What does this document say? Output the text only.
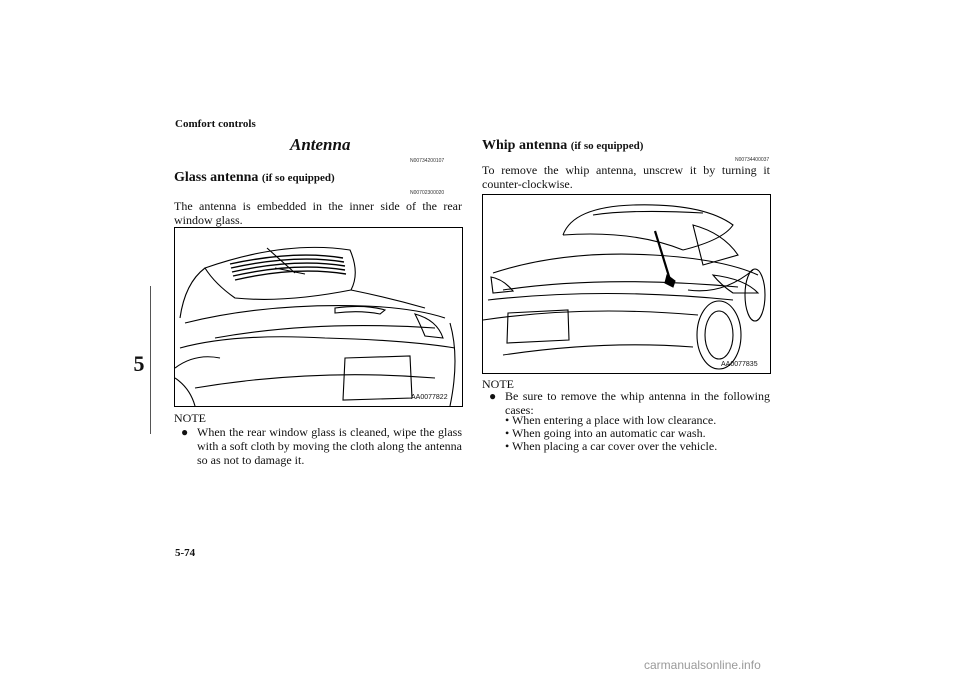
Comfort controls
5
Antenna
N00734200107
Glass antenna (if so equipped)
N00702300020
The antenna is embedded in the inner side of the rear window glass.
AA0077822
NOTE
● When the rear window glass is cleaned, wipe the glass with a soft cloth by moving the cloth along the antenna so as not to damage it.
Whip antenna (if so equipped)
N00734400037
To remove the whip antenna, unscrew it by turning it counter-clockwise.
AA0077835
NOTE
● Be sure to remove the whip antenna in the following cases:
• When entering a place with low clearance.
• When going into an automatic car wash.
• When placing a car cover over the vehicle.
5-74
carmanualsonline.info
